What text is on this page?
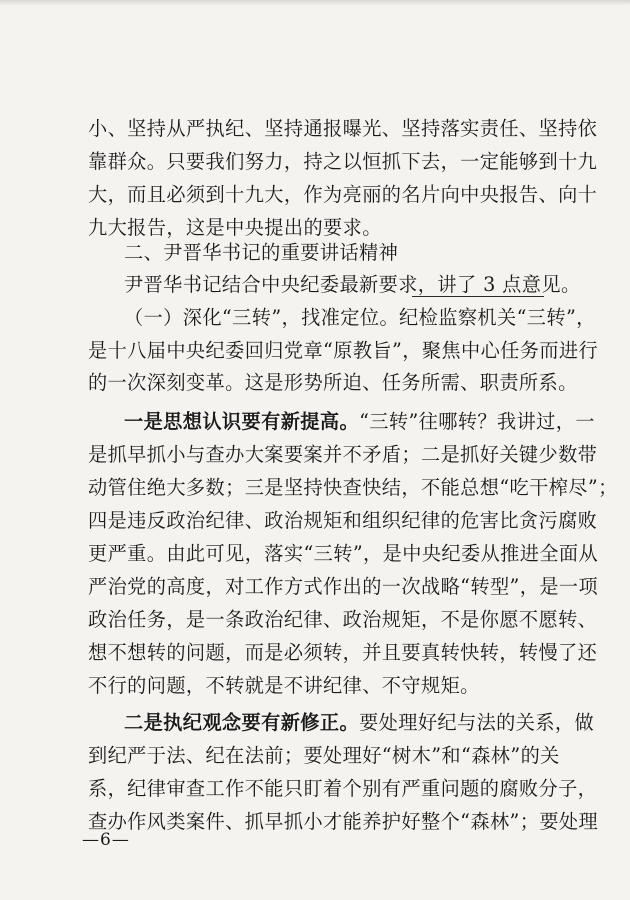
小、坚持从严执纪、坚持通报曝光、坚持落实责任、坚持依
靠群众。只要我们努力，持之以恒抓下去，一定能够到十九
大，而且必须到十九大，作为亮丽的名片向中央报告、向十
九大报告，这是中央提出的要求。
二、尹晋华书记的重要讲话精神
尹晋华书记结合中央纪委最新要求，讲了 3 点意见。
（一）深化“三转”，找准定位。纪检监察机关“三转”，
是十八届中央纪委回归党章“原教旨”，聚焦中心任务而进行
的一次深刻变革。这是形势所迫、任务所需、职责所系。
一是思想认识要有新提高。“三转”往哪转？我讲过，一
是抓早抓小与查办大案要案并不矛盾；二是抓好关键少数带
动管住绝大多数；三是坚持快查快结，不能总想“吃干榨尽”；
四是违反政治纪律、政治规矩和组织纪律的危害比贪污腐败
更严重。由此可见，落实“三转”，是中央纪委从推进全面从
严治党的高度，对工作方式作出的一次战略“转型”，是一项
政治任务，是一条政治纪律、政治规矩，不是你愿不愿转、
想不想转的问题，而是必须转，并且要真转快转，转慢了还
不行的问题，不转就是不讲纪律、不守规矩。
二是执纪观念要有新修正。要处理好纪与法的关系，做
到纪严于法、纪在法前；要处理好“树木”和“森林”的关
系，纪律审查工作不能只盯着个别有严重问题的腐败分子，
查办作风类案件、抓早抓小才能养护好整个“森林”；要处理
—6—
